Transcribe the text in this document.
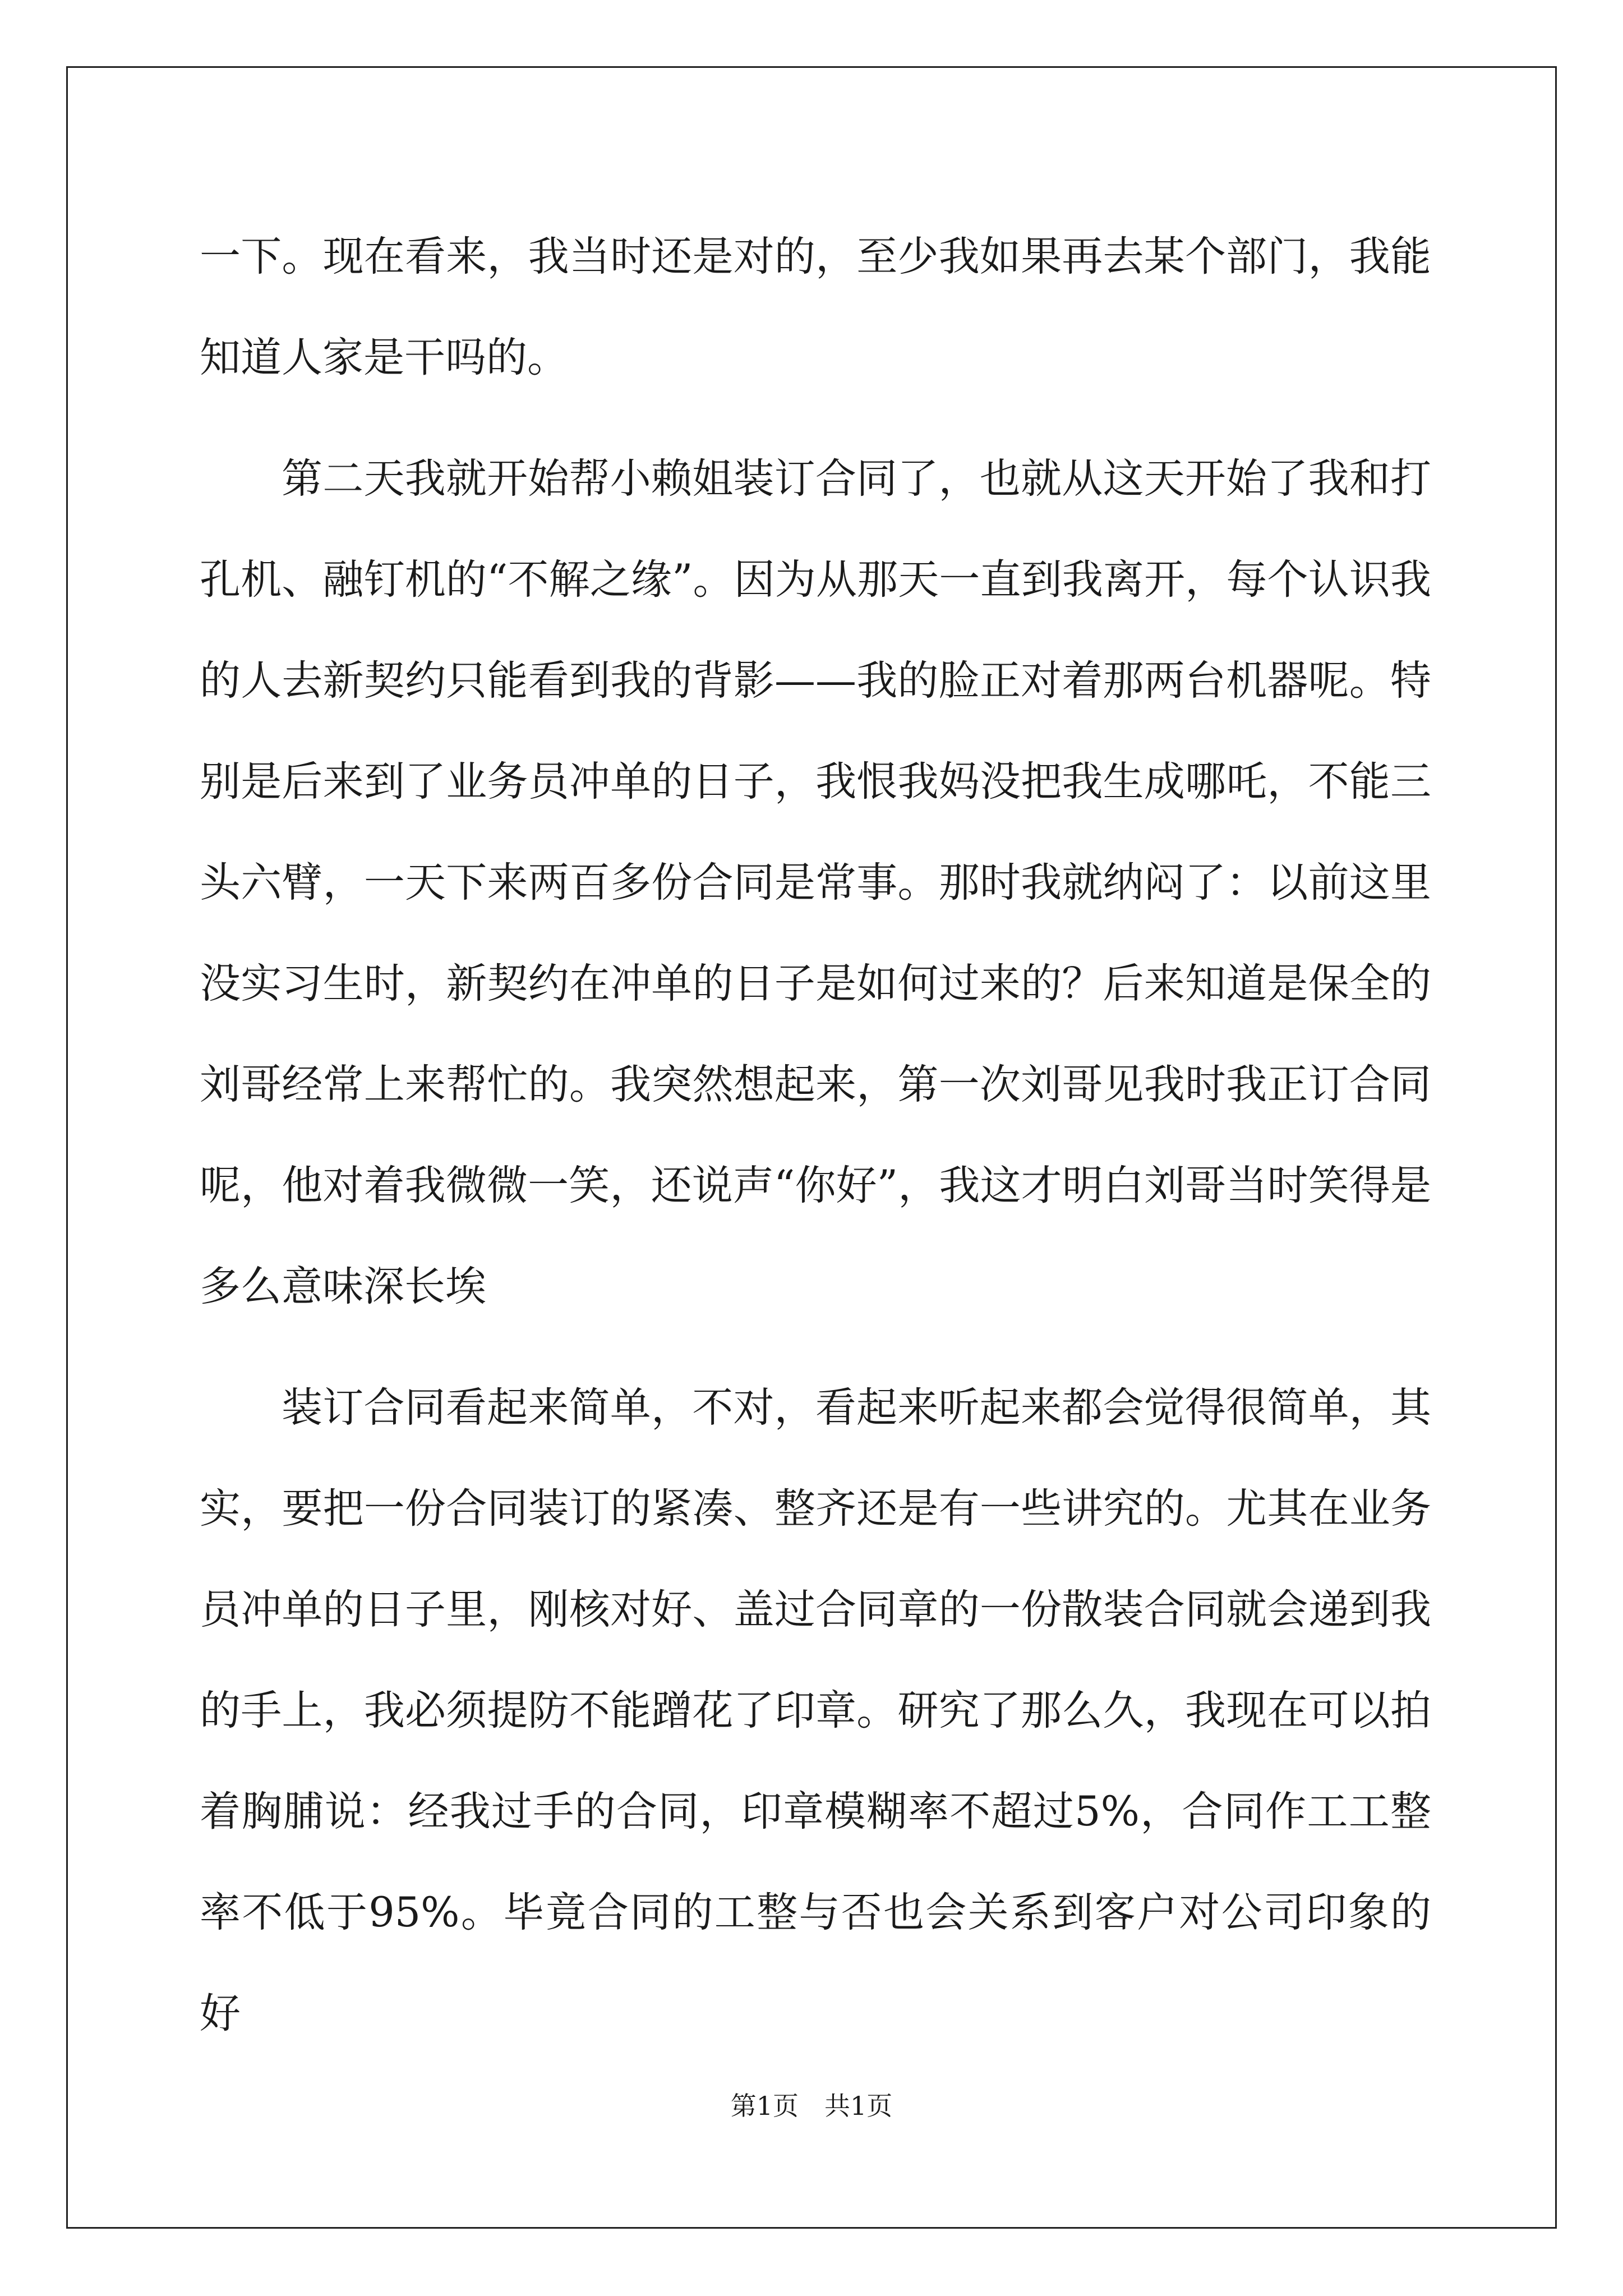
一下。现在看来，我当时还是对的，至少我如果再去某个部门，我能知道人家是干吗的。

第二天我就开始帮小赖姐装订合同了，也就从这天开始了我和打孔机、融钉机的“不解之缘”。因为从那天一直到我离开，每个认识我的人去新契约只能看到我的背影——我的脸正对着那两台机器呢。特别是后来到了业务员冲单的日子，我恨我妈没把我生成哪吒，不能三头六臂，一天下来两百多份合同是常事。那时我就纳闷了：以前这里没实习生时，新契约在冲单的日子是如何过来的？后来知道是保全的刘哥经常上来帮忙的。我突然想起来，第一次刘哥见我时我正订合同呢，他对着我微微一笑，还说声“你好”，我这才明白刘哥当时笑得是多么意味深长埃

装订合同看起来简单，不对，看起来听起来都会觉得很简单，其实，要把一份合同装订的紧凑、整齐还是有一些讲究的。尤其在业务员冲单的日子里，刚核对好、盖过合同章的一份散装合同就会递到我的手上，我必须提防不能蹭花了印章。研究了那么久，我现在可以拍着胸脯说：经我过手的合同，印章模糊率不超过5%，合同作工工整率不低于95%。毕竟合同的工整与否也会关系到客户对公司印象的好

第1页　共1页
